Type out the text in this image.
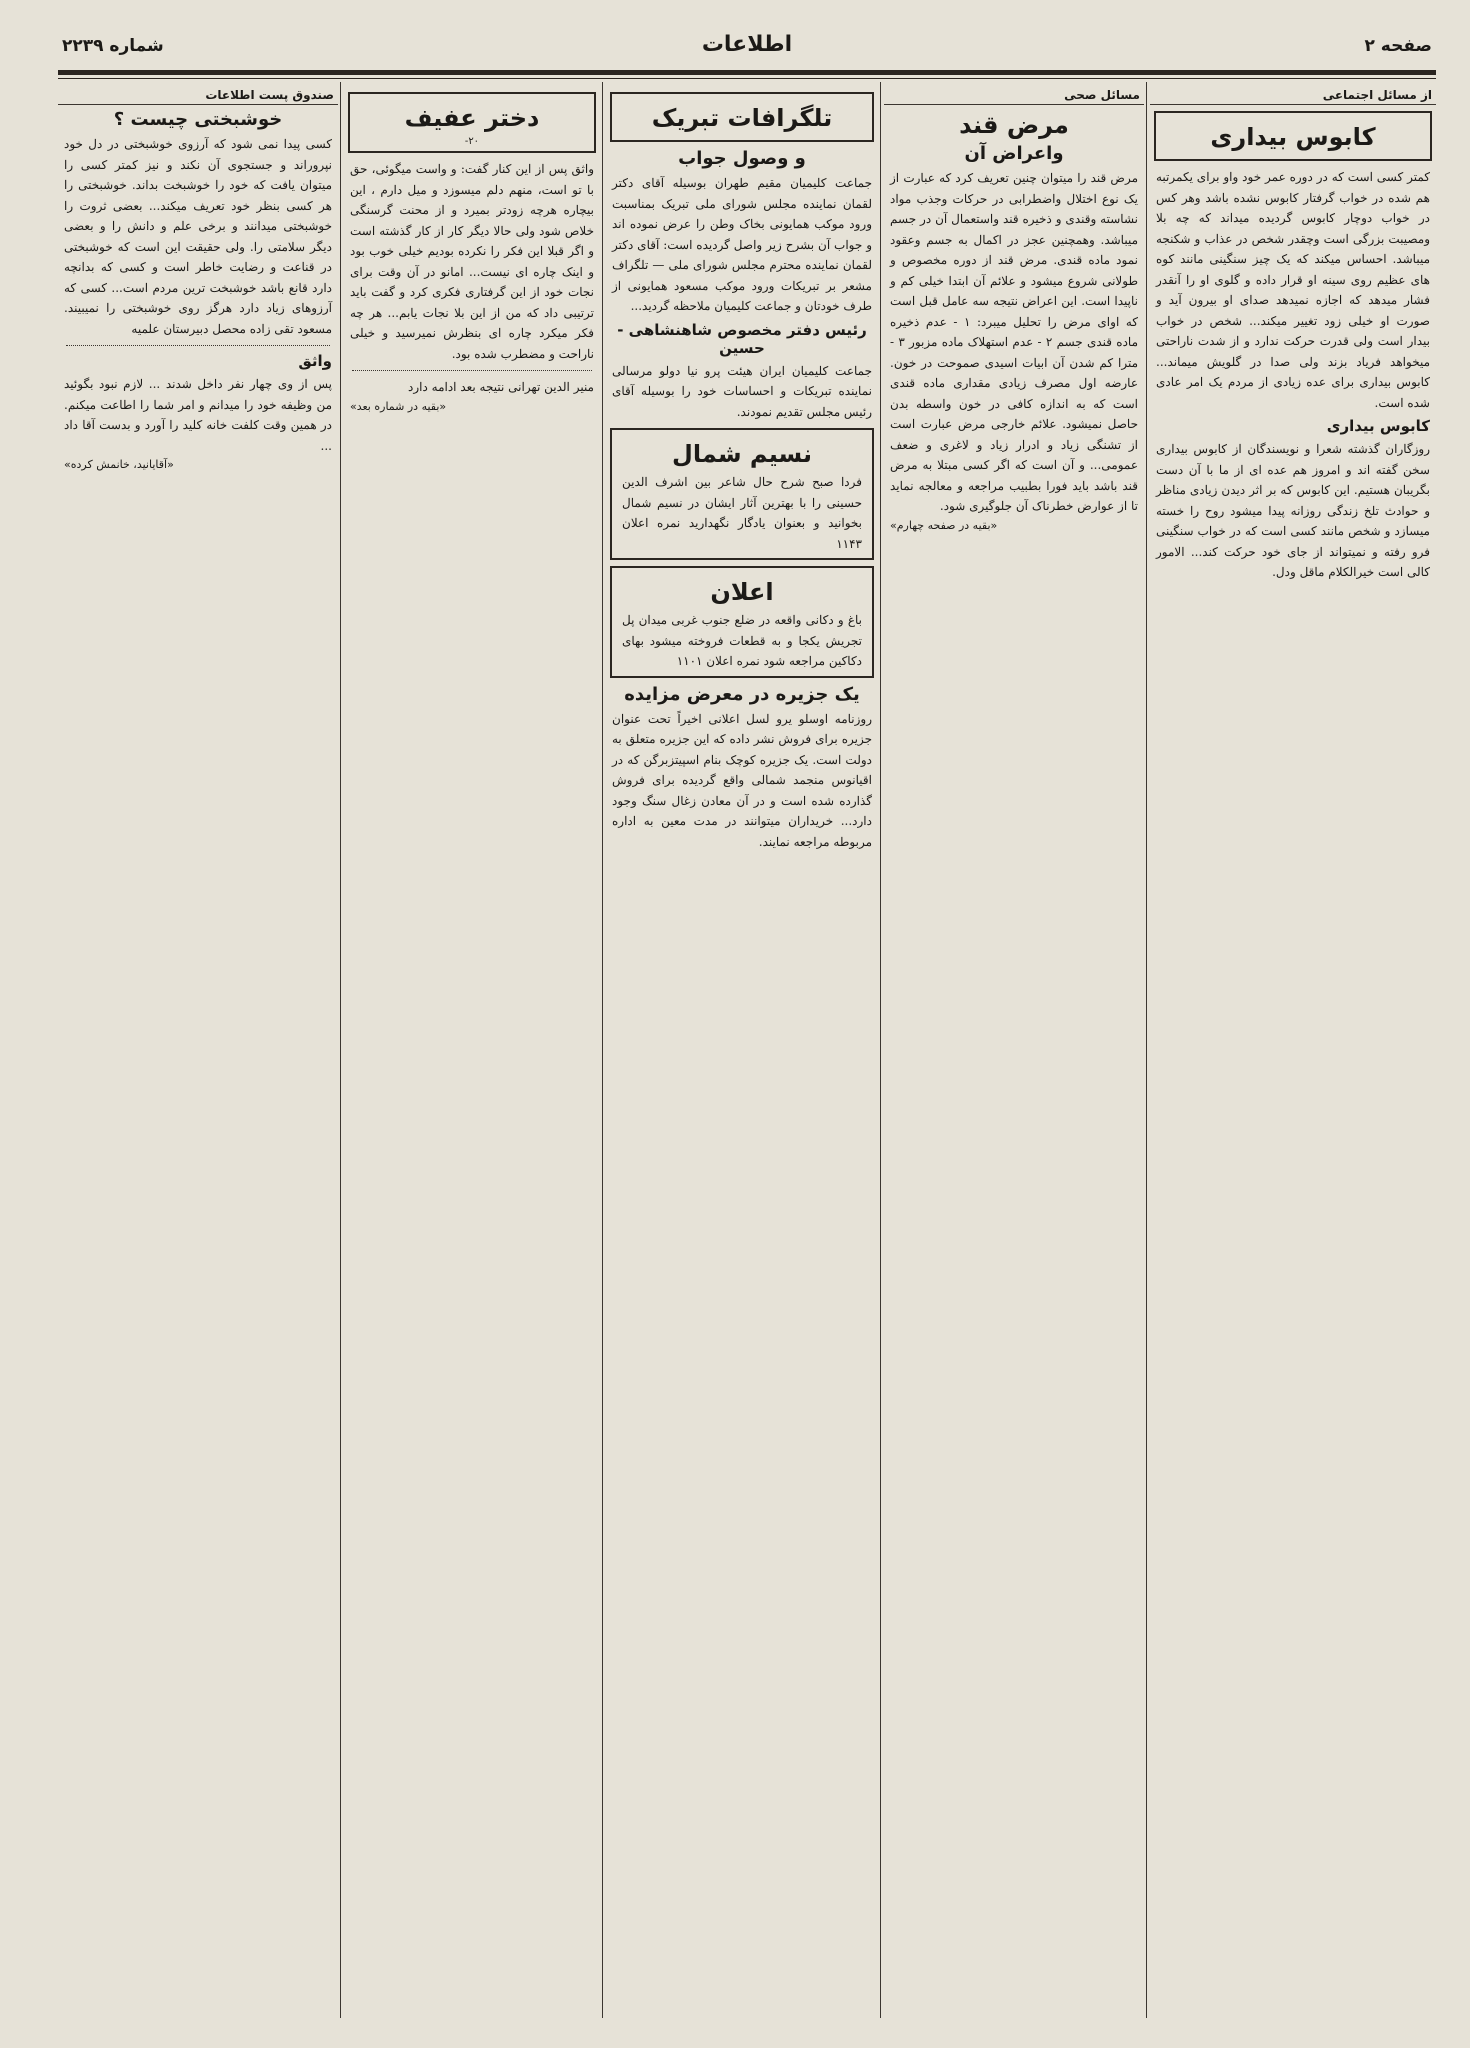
شماره ۲۲۳۹	اطلاعات	صفحه ۲
از مسائل اجتماعی
کابوس بیداری
کمتر کسی است که در دوره عمر خود واو برای یکمرتبه هم شده در خواب گرفتار کابوس نشده باشد وهر کس در خواب دوچار کابوس گردیده میداند که چه بلا ومصیبت بزرگی است وچقدر شخص در عذاب و شکنجه میباشد. احساس میکند که یک چیز سنگینی مانند کوه های عظیم روی سینه او قرار داده و گلوی او را آنقدر فشار میدهد که اجازه نمیدهد صدای او بیرون آید و صورت او خیلی زود تغییر میکند... شخص در خواب بیدار است ولی قدرت حرکت ندارد و از شدت ناراحتی میخواهد فریاد بزند ولی صدا در گلویش میماند... کابوس بیداری برای عده زیادی از مردم یک امر عادی شده است.
کابوس بیداری
روزگاران گذشته شعرا و نویسندگان از کابوس بیداری سخن گفته اند و امروز هم عده ای از ما با آن دست بگریبان هستیم. این کابوس که بر اثر دیدن زیادی مناظر و حوادث تلخ زندگی روزانه پیدا میشود روح را خسته میسازد و شخص مانند کسی است که در خواب سنگینی فرو رفته و نمیتواند از جای خود حرکت کند... الامور کالی است خیرالکلام ماقل ودل.
مسائل صحی
مرض قند
واعراض آن
مرض قند را میتوان چنین تعریف کرد که عبارت از یک نوع اختلال واضطرابی در حرکات وجذب مواد نشاسته وقندی و ذخیره قند واستعمال آن در جسم میباشد. وهمچنین عجز در اکمال به جسم وعقود نمود ماده قندی. مرض قند از دوره مخصوص و طولانی شروع میشود و علائم آن ابتدا خیلی کم و ناپیدا است. این اعراض نتیجه سه عامل قبل است که اوای مرض را تحلیل میبرد: ۱ - عدم ذخیره ماده قندی جسم ۲ - عدم استهلاک ماده مزبور ۳ - مترا کم شدن آن ابیات اسیدی صموحت در خون. عارضه اول مصرف زیادی مقداری ماده قندی است که به اندازه کافی در خون واسطه بدن حاصل نمیشود. علائم خارجی مرض عبارت است از تشنگی زیاد و ادرار زیاد و لاغری و ضعف عمومی... و آن است که اگر کسی مبتلا به مرض قند باشد باید فورا بطبیب مراجعه و معالجه نماید تا از عوارض خطرناک آن جلوگیری شود.
«بقیه در صفحه چهارم»
تلگرافات تبریک
و وصول جواب
جماعت کلیمیان مقیم طهران بوسیله آقای دکتر لقمان نماینده مجلس شورای ملی تبریک بمناسبت ورود موکب همایونی بخاک وطن را عرض نموده اند و جواب آن بشرح زیر واصل گردیده است: آقای دکتر لقمان نماینده محترم مجلس شورای ملی — تلگراف مشعر بر تبریکات ورود موکب مسعود همایونی از طرف خودتان و جماعت کلیمیان ملاحظه گردید...
رئیس دفتر مخصوص شاهنشاهی - حسین
جماعت کلیمیان ایران هیئت پرو نیا دولو مرسالی نماینده تبریکات و احساسات خود را بوسیله آقای رئیس مجلس تقدیم نمودند.
نسیم شمال
فردا صبح شرح حال شاعر بین اشرف الدین حسینی را با بهترین آثار ایشان در نسیم شمال بخوانید و بعنوان یادگار نگهدارید نمره اعلان ۱۱۴۳
اعلان
باغ و دکانی واقعه در ضلع جنوب غربی میدان پل تجریش یکجا و به قطعات فروخته میشود بهای دکاکین مراجعه شود نمره اعلان ۱۱۰۱
یک جزیره در معرض مزایده
روزنامه اوسلو یرو لسل اعلانی اخیراً تحت عنوان جزیره برای فروش نشر داده که این جزیره متعلق به دولت است. یک جزیره کوچک بنام اسپیتزبرگن که در اقیانوس منجمد شمالی واقع گردیده برای فروش گذارده شده است و در آن معادن زغال سنگ وجود دارد... خریداران میتوانند در مدت معین به اداره مربوطه مراجعه نمایند.
دختر عفیف
۲۰-
واثق پس از این کنار گفت: و واست میگوئی، حق با تو است، منهم دلم میسوزد و میل دارم ، این بیچاره هرچه زودتر بمیرد و از محنت گرسنگی خلاص شود ولی حالا دیگر کار از کار گذشته است و اگر قبلا این فکر را نکرده بودیم خیلی خوب بود و اینک چاره ای نیست... امانو در آن وقت برای نجات خود از این گرفتاری فکری کرد و گفت باید ترتیبی داد که من از این بلا نجات یابم... هر چه فکر میکرد چاره ای بنظرش نمیرسید و خیلی ناراحت و مضطرب شده بود.
منیر الدین تهرانی نتیجه بعد ادامه دارد
«بقیه در شماره بعد»
صندوق پست اطلاعات
خوشبختی چیست ؟
کسی پیدا نمی شود که آرزوی خوشبختی در دل خود نپروراند و جستجوی آن نکند و نیز کمتر کسی را میتوان یافت که خود را خوشبخت بداند. خوشبختی را هر کسی بنظر خود تعریف میکند... بعضی ثروت را خوشبختی میدانند و برخی علم و دانش را و بعضی دیگر سلامتی را. ولی حقیقت این است که خوشبختی در قناعت و رضایت خاطر است و کسی که بدانچه دارد قانع باشد خوشبخت ترین مردم است... کسی که آرزوهای زیاد دارد هرگز روی خوشبختی را نمیبیند. مسعود تقی زاده محصل دبیرستان علمیه
واثق
پس از وی چهار نفر داخل شدند ... لازم نبود بگوئید من وظیفه خود را میدانم و امر شما را اطاعت میکنم. در همین وقت کلفت خانه کلید را آورد و بدست آقا داد ...
«آقایانید، خانمش کرده»
